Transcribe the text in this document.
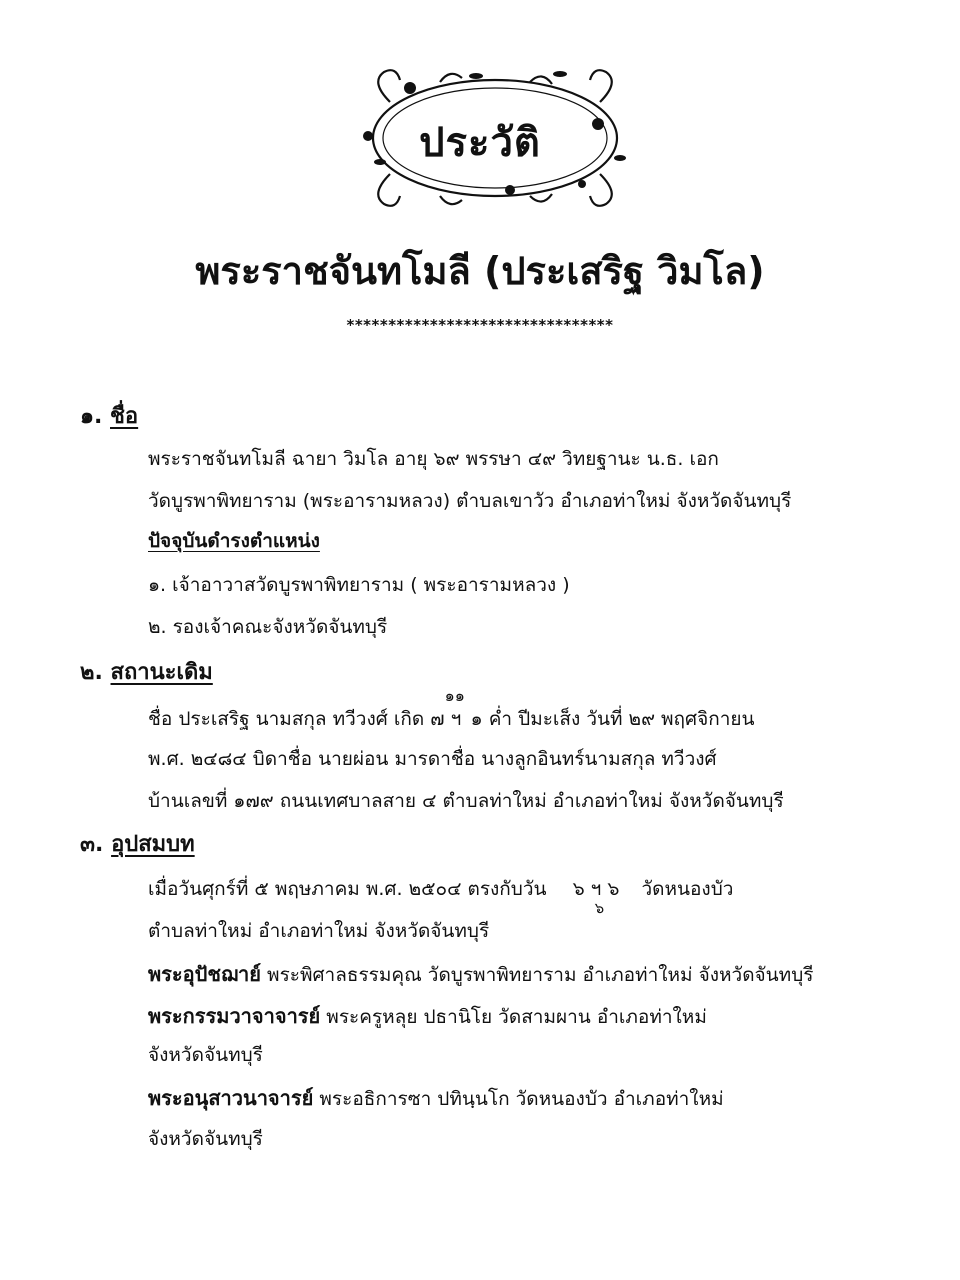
ประวัติ
พระราชจันทโมลี (ประเสริฐ วิมโล)
********************************
๑. ชื่อ
พระราชจันทโมลี ฉายา วิมโล อายุ ๖๙ พรรษา ๔๙ วิทยฐานะ น.ธ. เอก
วัดบูรพาพิทยาราม (พระอารามหลวง) ตำบลเขาวัว อำเภอท่าใหม่ จังหวัดจันทบุรี
ปัจจุบันดำรงตำแหน่ง
๑. เจ้าอาวาสวัดบูรพาพิทยาราม ( พระอารามหลวง )
๒. รองเจ้าคณะจังหวัดจันทบุรี
๒. สถานะเดิม
ชื่อ ประเสริฐ นามสกุล ทวีวงศ์ เกิด ๗
๑๑
ฯ ๑ ค่ำ ปีมะเส็ง วันที่ ๒๙ พฤศจิกายน
พ.ศ. ๒๔๘๔ บิดาชื่อ นายผ่อน มารดาชื่อ นางลูกอินทร์นามสกุล ทวีวงศ์
บ้านเลขที่ ๑๗๙ ถนนเทศบาลสาย ๔ ตำบลท่าใหม่ อำเภอท่าใหม่ จังหวัดจันทบุรี
๓. อุปสมบท
เมื่อวันศุกร์ที่ ๕ พฤษภาคม พ.ศ. ๒๕๐๔ ตรงกับวัน ๖ ฯ ๖
๖
วัดหนองบัว
ตำบลท่าใหม่ อำเภอท่าใหม่ จังหวัดจันทบุรี
พระอุปัชฌาย์ พระพิศาลธรรมคุณ วัดบูรพาพิทยาราม อำเภอท่าใหม่ จังหวัดจันทบุรี
พระกรรมวาจาจารย์ พระครูหลุย ปธานิโย วัดสามผาน อำเภอท่าใหม่
จังหวัดจันทบุรี
พระอนุสาวนาจารย์ พระอธิการซา ปทินฺนโก วัดหนองบัว อำเภอท่าใหม่
จังหวัดจันทบุรี
